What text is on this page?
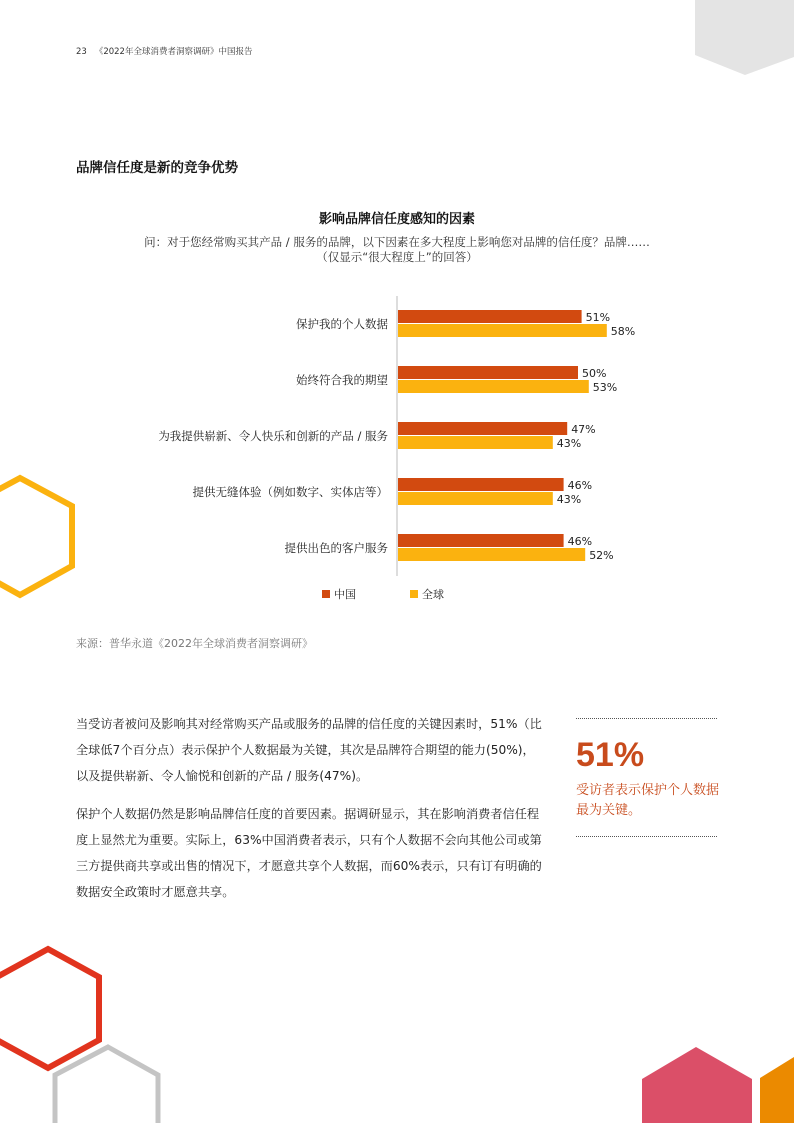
23 《2022年全球消费者洞察调研》中国报告
品牌信任度是新的竞争优势
影响品牌信任度感知的因素
问：对于您经常购买其产品 / 服务的品牌，以下因素在多大程度上影响您对品牌的信任度？品牌……
（仅显示“很大程度上”的回答）
保护我的个人数据	51%
58%
始终符合我的期望	50%
53%
为我提供崭新、令人快乐和创新的产品 / 服务	47%
43%
提供无缝体验（例如数字、实体店等）	46%
43%
提供出色的客户服务	46%
52%
中国	全球
来源：普华永道《2022年全球消费者洞察调研》
当受访者被问及影响其对经常购买产品或服务的品牌的信任度的关键因素时，51%（比全球低7个百分点）表示保护个人数据最为关键，其次是品牌符合期望的能力(50%)，以及提供崭新、令人愉悦和创新的产品 / 服务(47%)。
保护个人数据仍然是影响品牌信任度的首要因素。据调研显示，其在影响消费者信任程度上显然尤为重要。实际上，63%中国消费者表示，只有个人数据不会向其他公司或第三方提供商共享或出售的情况下，才愿意共享个人数据，而60%表示，只有订有明确的数据安全政策时才愿意共享。
51%
受访者表示保护个人数据最为关键。
